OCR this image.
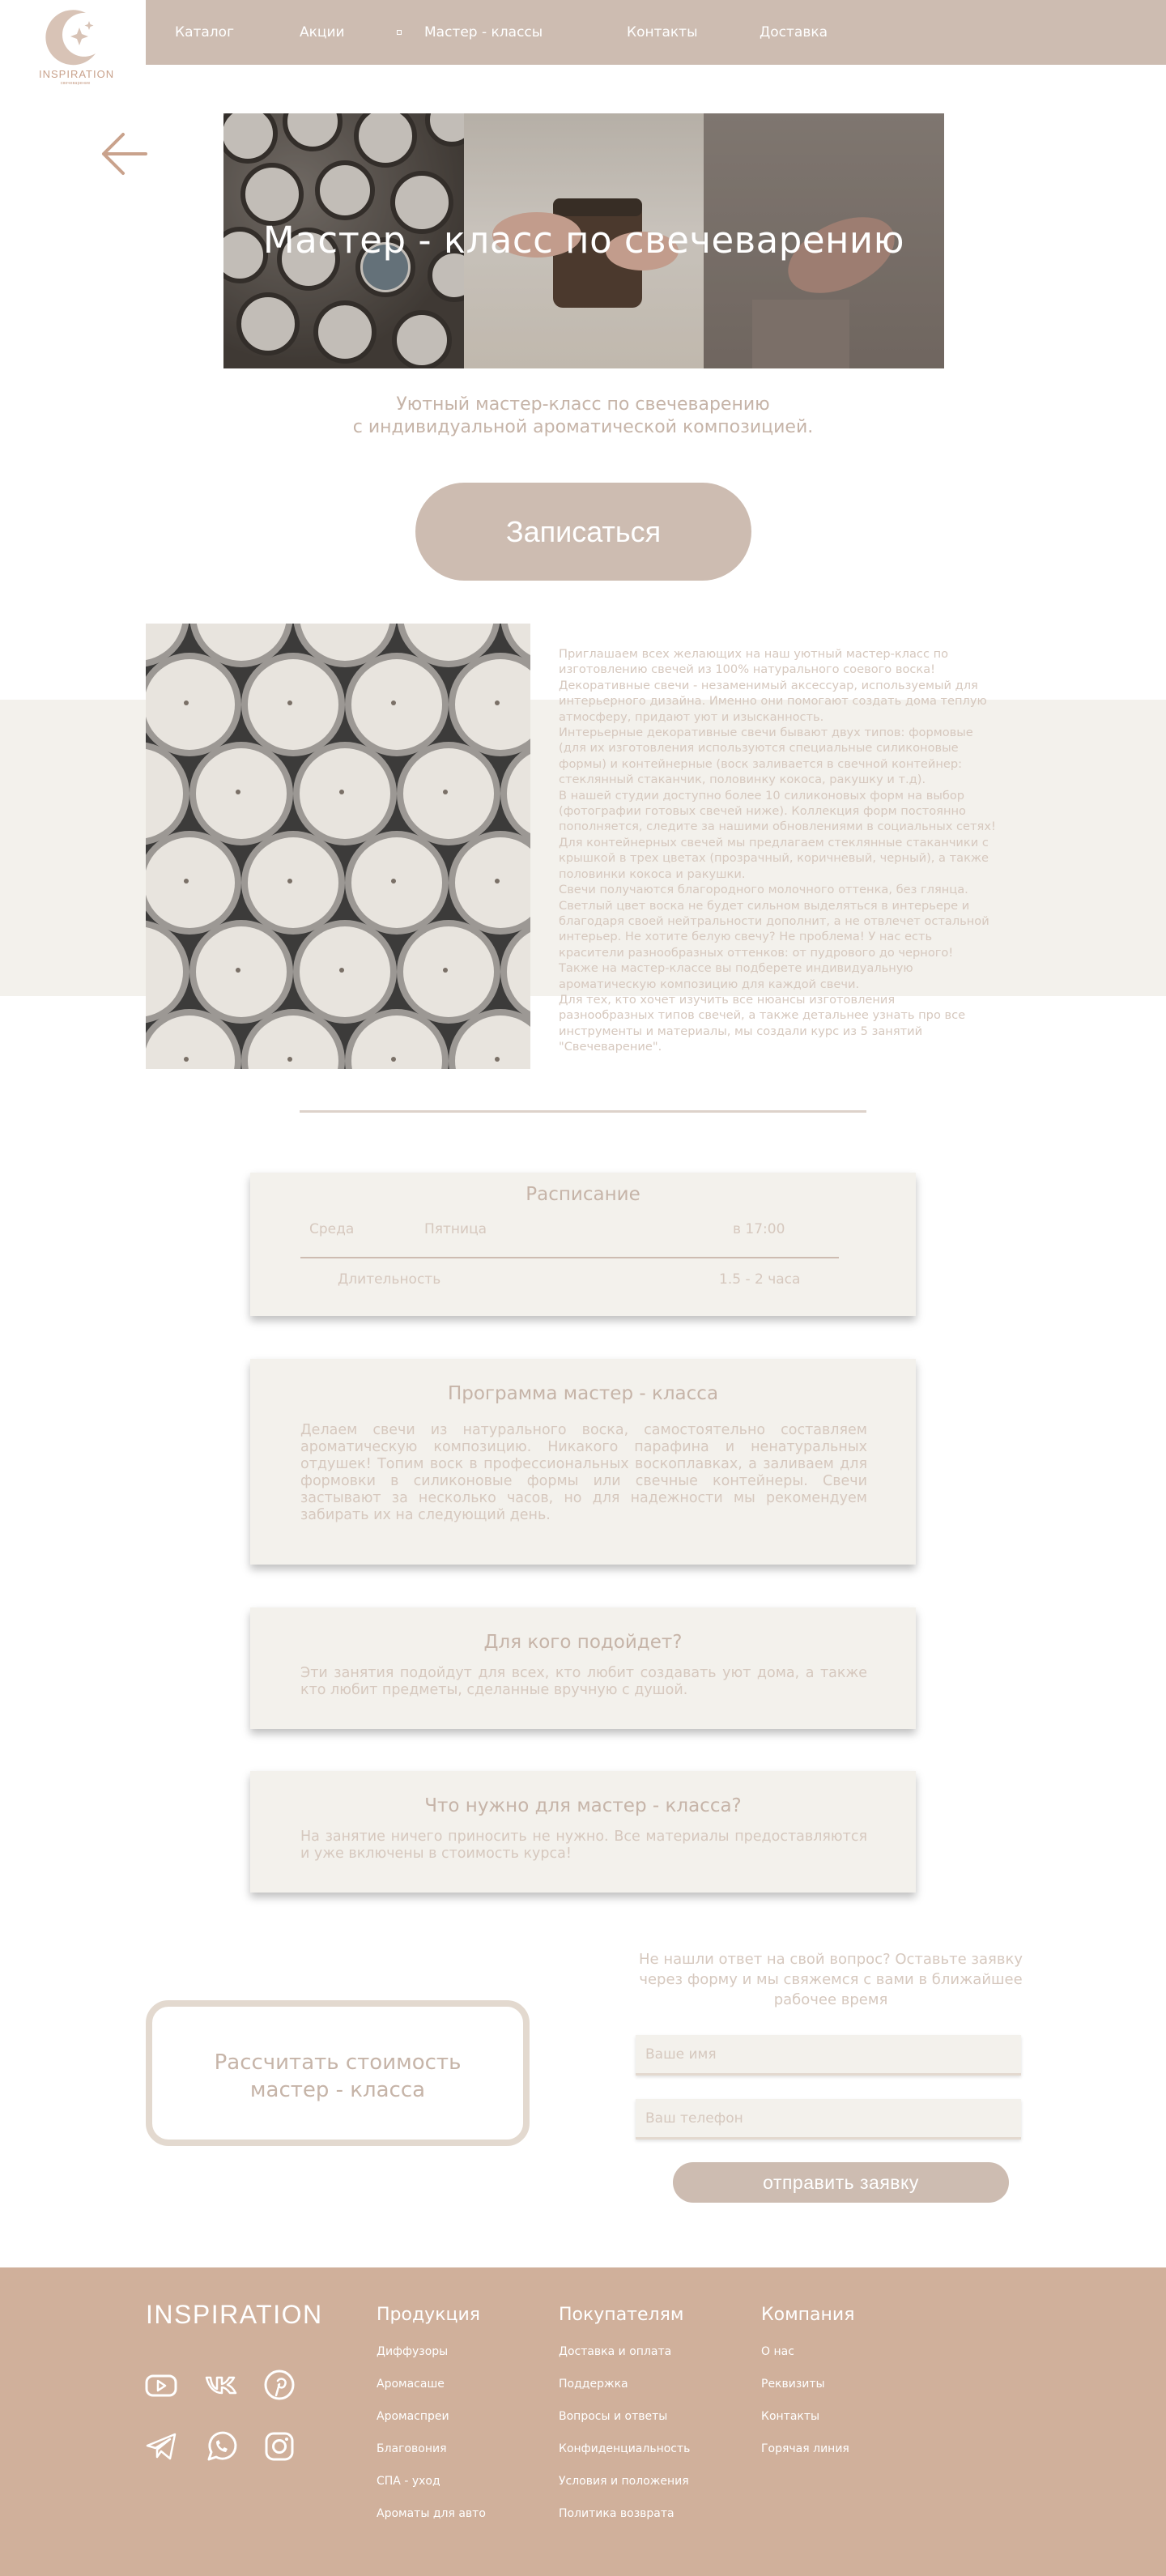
INSPIRATION
свечеварение
Каталог	Акции	Мастер - классы	Контакты	Доставка
Мастер - класс по свечеварению
Уютный мастер-класс по свечеварению
с индивидуальной ароматической композицией.
Записаться
Приглашаем всех желающих на наш уютный мастер-класс по
изготовлению свечей из 100% натурального соевого воска!
Декоративные свечи - незаменимый аксессуар, используемый для
интерьерного дизайна. Именно они помогают создать дома теплую
атмосферу, придают уют и изысканность.
Интерьерные декоративные свечи бывают двух типов: формовые
(для их изготовления используются специальные силиконовые
формы) и контейнерные (воск заливается в свечной контейнер:
стеклянный стаканчик, половинку кокоса, ракушку и т.д).
В нашей студии доступно более 10 силиконовых форм на выбор
(фотографии готовых свечей ниже). Коллекция форм постоянно
пополняется, следите за нашими обновлениями в социальных сетях!
Для контейнерных свечей мы предлагаем стеклянные стаканчики с
крышкой в трех цветах (прозрачный, коричневый, черный), а также
половинки кокоса и ракушки.
Свечи получаются благородного молочного оттенка, без глянца.
Светлый цвет воска не будет сильном выделяться в интерьере и
благодаря своей нейтральности дополнит, а не отвлечет остальной
интерьер. Не хотите белую свечу? Не проблема! У нас есть
красители разнообразных оттенков: от пудрового до черного!
Также на мастер-классе вы подберете индивидуальную
ароматическую композицию для каждой свечи.
Для тех, кто хочет изучить все нюансы изготовления
разнообразных типов свечей, а также детальнее узнать про все
инструменты и материалы, мы создали курс из 5 занятий
"Свечеварение".
Расписание
Среда	Пятница	в 17:00
Длительность	1.5 - 2 часа
Программа мастер - класса
Делаем свечи из натурального воска, самостоятельно составляем ароматическую композицию. Никакого парафина и ненатуральных отдушек! Топим воск в профессиональных воскоплавках, а заливаем для формовки в силиконовые формы или свечные контейнеры. Свечи застывают за несколько часов, но для надежности мы рекомендуем забирать их на следующий день.
Для кого подойдет?
Эти занятия подойдут для всех, кто любит создавать уют дома, а также кто любит предметы, сделанные вручную с душой.
Что нужно для мастер - класса?
На занятие ничего приносить не нужно. Все материалы предоставляются и уже включены в стоимость курса!
Не нашли ответ на свой вопрос? Оставьте заявку через форму и мы свяжемся с вами в ближайшее рабочее время
Рассчитать стоимость
мастер - класса
Ваше имя
Ваш телефон
отправить заявку
INSPIRATION	Продукция
Диффузоры
Аромасаше
Аромаспреи
Благовония
СПА - уход
Ароматы для авто
Покупателям
Доставка и оплата
Поддержка
Вопросы и ответы
Конфиденциальность
Условия и положения
Политика возврата
Компания
О нас
Реквизиты
Контакты
Горячая линия
